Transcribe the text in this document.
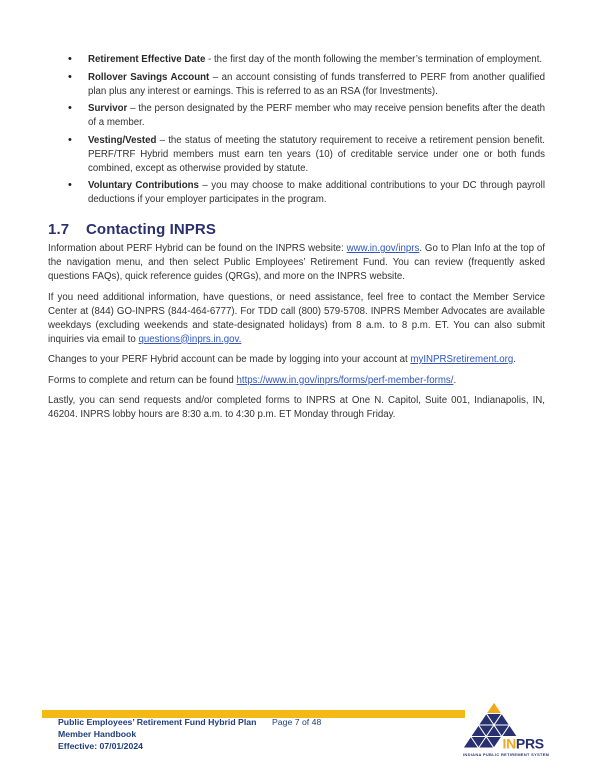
• Retirement Effective Date - the first day of the month following the member’s termination of employment.
• Rollover Savings Account – an account consisting of funds transferred to PERF from another qualified plan plus any interest or earnings. This is referred to as an RSA (for Investments).
• Survivor – the person designated by the PERF member who may receive pension benefits after the death of a member.
• Vesting/Vested – the status of meeting the statutory requirement to receive a retirement pension benefit. PERF/TRF Hybrid members must earn ten years (10) of creditable service under one or both funds combined, except as otherwise provided by statute.
• Voluntary Contributions – you may choose to make additional contributions to your DC through payroll deductions if your employer participates in the program.
1.7 Contacting INPRS

Information about PERF Hybrid can be found on the INPRS website: www.in.gov/inprs. Go to Plan Info at the top of the navigation menu, and then select Public Employees’ Retirement Fund. You can review (frequently asked questions FAQs), quick reference guides (QRGs), and more on the INPRS website.

If you need additional information, have questions, or need assistance, feel free to contact the Member Service Center at (844) GO-INPRS (844-464-6777). For TDD call (800) 579-5708. INPRS Member Advocates are available weekdays (excluding weekends and state-designated holidays) from 8 a.m. to 8 p.m. ET. You can also submit inquiries via email to questions@inprs.in.gov.

Changes to your PERF Hybrid account can be made by logging into your account at myINPRSretirement.org.

Forms to complete and return can be found https://www.in.gov/inprs/forms/perf-member-forms/.

Lastly, you can send requests and/or completed forms to INPRS at One N. Capitol, Suite 001, Indianapolis, IN, 46204. INPRS lobby hours are 8:30 a.m. to 4:30 p.m. ET Monday through Friday.

Public Employees’ Retirement Fund Hybrid Plan
Member Handbook
Effective: 07/01/2024
Page 7 of 48
INPRS
INDIANA PUBLIC RETIREMENT SYSTEM
